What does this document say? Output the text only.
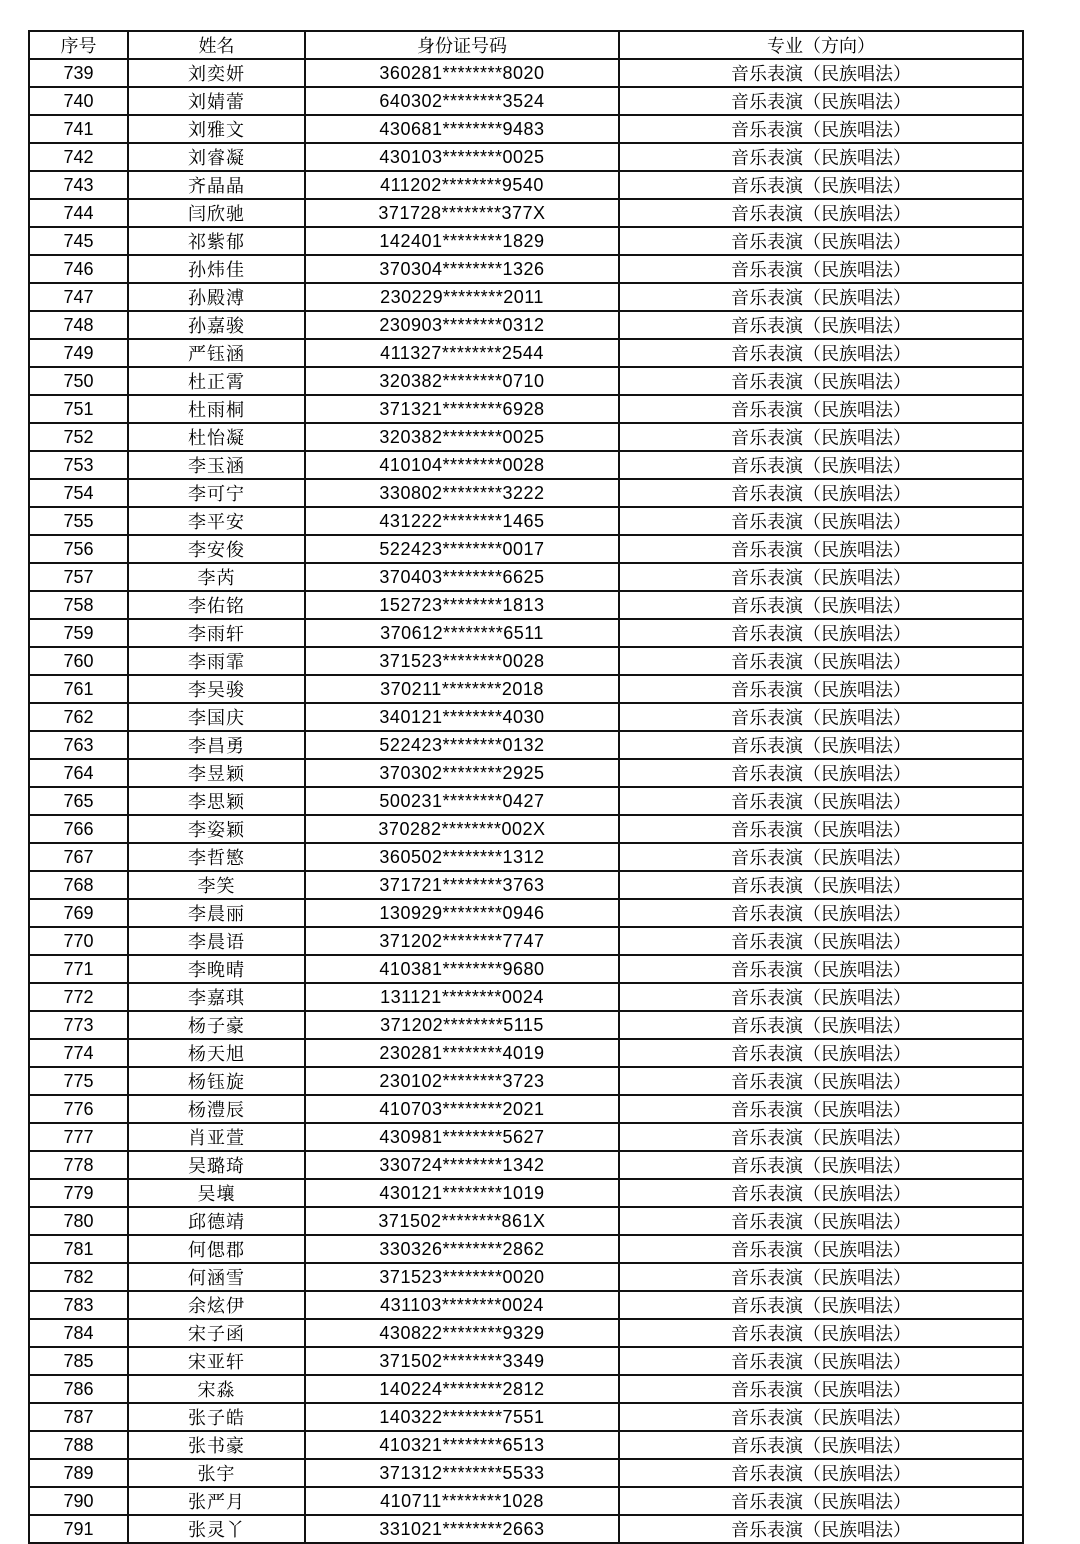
序号	姓名	身份证号码	专业（方向）
739	刘奕妍	360281********8020	音乐表演（民族唱法）
740	刘婧蕾	640302********3524	音乐表演（民族唱法）
741	刘雅文	430681********9483	音乐表演（民族唱法）
742	刘睿凝	430103********0025	音乐表演（民族唱法）
743	齐晶晶	411202********9540	音乐表演（民族唱法）
744	闫欣驰	371728********377X	音乐表演（民族唱法）
745	祁紫郁	142401********1829	音乐表演（民族唱法）
746	孙炜佳	370304********1326	音乐表演（民族唱法）
747	孙殿溥	230229********2011	音乐表演（民族唱法）
748	孙嘉骏	230903********0312	音乐表演（民族唱法）
749	严钰涵	411327********2544	音乐表演（民族唱法）
750	杜正霄	320382********0710	音乐表演（民族唱法）
751	杜雨桐	371321********6928	音乐表演（民族唱法）
752	杜怡凝	320382********0025	音乐表演（民族唱法）
753	李玉涵	410104********0028	音乐表演（民族唱法）
754	李可宁	330802********3222	音乐表演（民族唱法）
755	李平安	431222********1465	音乐表演（民族唱法）
756	李安俊	522423********0017	音乐表演（民族唱法）
757	李芮	370403********6625	音乐表演（民族唱法）
758	李佑铭	152723********1813	音乐表演（民族唱法）
759	李雨轩	370612********6511	音乐表演（民族唱法）
760	李雨霏	371523********0028	音乐表演（民族唱法）
761	李吴骏	370211********2018	音乐表演（民族唱法）
762	李国庆	340121********4030	音乐表演（民族唱法）
763	李昌勇	522423********0132	音乐表演（民族唱法）
764	李昱颖	370302********2925	音乐表演（民族唱法）
765	李思颖	500231********0427	音乐表演（民族唱法）
766	李姿颖	370282********002X	音乐表演（民族唱法）
767	李哲慜	360502********1312	音乐表演（民族唱法）
768	李笑	371721********3763	音乐表演（民族唱法）
769	李晨丽	130929********0946	音乐表演（民族唱法）
770	李晨语	371202********7747	音乐表演（民族唱法）
771	李晚晴	410381********9680	音乐表演（民族唱法）
772	李嘉琪	131121********0024	音乐表演（民族唱法）
773	杨子豪	371202********5115	音乐表演（民族唱法）
774	杨天旭	230281********4019	音乐表演（民族唱法）
775	杨钰旋	230102********3723	音乐表演（民族唱法）
776	杨澧辰	410703********2021	音乐表演（民族唱法）
777	肖亚萱	430981********5627	音乐表演（民族唱法）
778	吴璐琦	330724********1342	音乐表演（民族唱法）
779	吴壤	430121********1019	音乐表演（民族唱法）
780	邱德靖	371502********861X	音乐表演（民族唱法）
781	何偲郡	330326********2862	音乐表演（民族唱法）
782	何涵雪	371523********0020	音乐表演（民族唱法）
783	余炫伊	431103********0024	音乐表演（民族唱法）
784	宋子函	430822********9329	音乐表演（民族唱法）
785	宋亚轩	371502********3349	音乐表演（民族唱法）
786	宋淼	140224********2812	音乐表演（民族唱法）
787	张子皓	140322********7551	音乐表演（民族唱法）
788	张书豪	410321********6513	音乐表演（民族唱法）
789	张宇	371312********5533	音乐表演（民族唱法）
790	张严月	410711********1028	音乐表演（民族唱法）
791	张灵丫	331021********2663	音乐表演（民族唱法）
